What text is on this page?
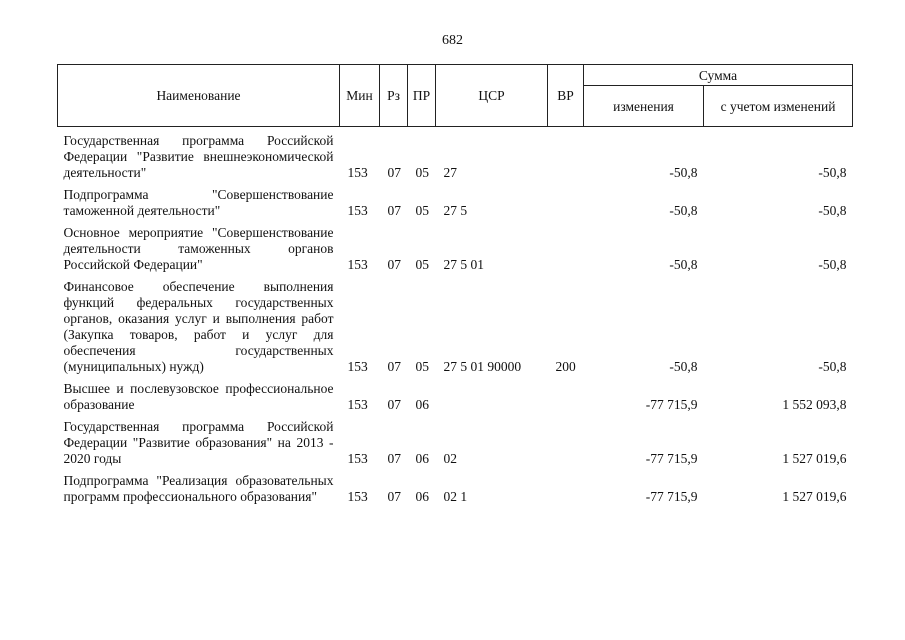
682
Наименование	Мин	Рз	ПР	ЦСР	ВР	Сумма	
						изменения	с учетом изменений
Государственная программа Российской Федерации "Развитие внешнеэкономической деятельности"	153	07	05	27		-50,8	-50,8
Подпрограмма "Совершенствование таможенной деятельности"	153	07	05	27 5		-50,8	-50,8
Основное мероприятие "Совершенствование деятельности таможенных органов Российской Федерации"	153	07	05	27 5 01		-50,8	-50,8
Финансовое обеспечение выполнения функций федеральных государственных органов, оказания услуг и выполнения работ (Закупка товаров, работ и услуг для обеспечения государственных (муниципальных) нужд)	153	07	05	27 5 01 90000	200	-50,8	-50,8
Высшее и послевузовское профессиональное образование	153	07	06			-77 715,9	1 552 093,8
Государственная программа Российской Федерации "Развитие образования" на 2013 - 2020 годы	153	07	06	02		-77 715,9	1 527 019,6
Подпрограмма "Реализация образовательных программ профессионального образования"	153	07	06	02 1		-77 715,9	1 527 019,6
